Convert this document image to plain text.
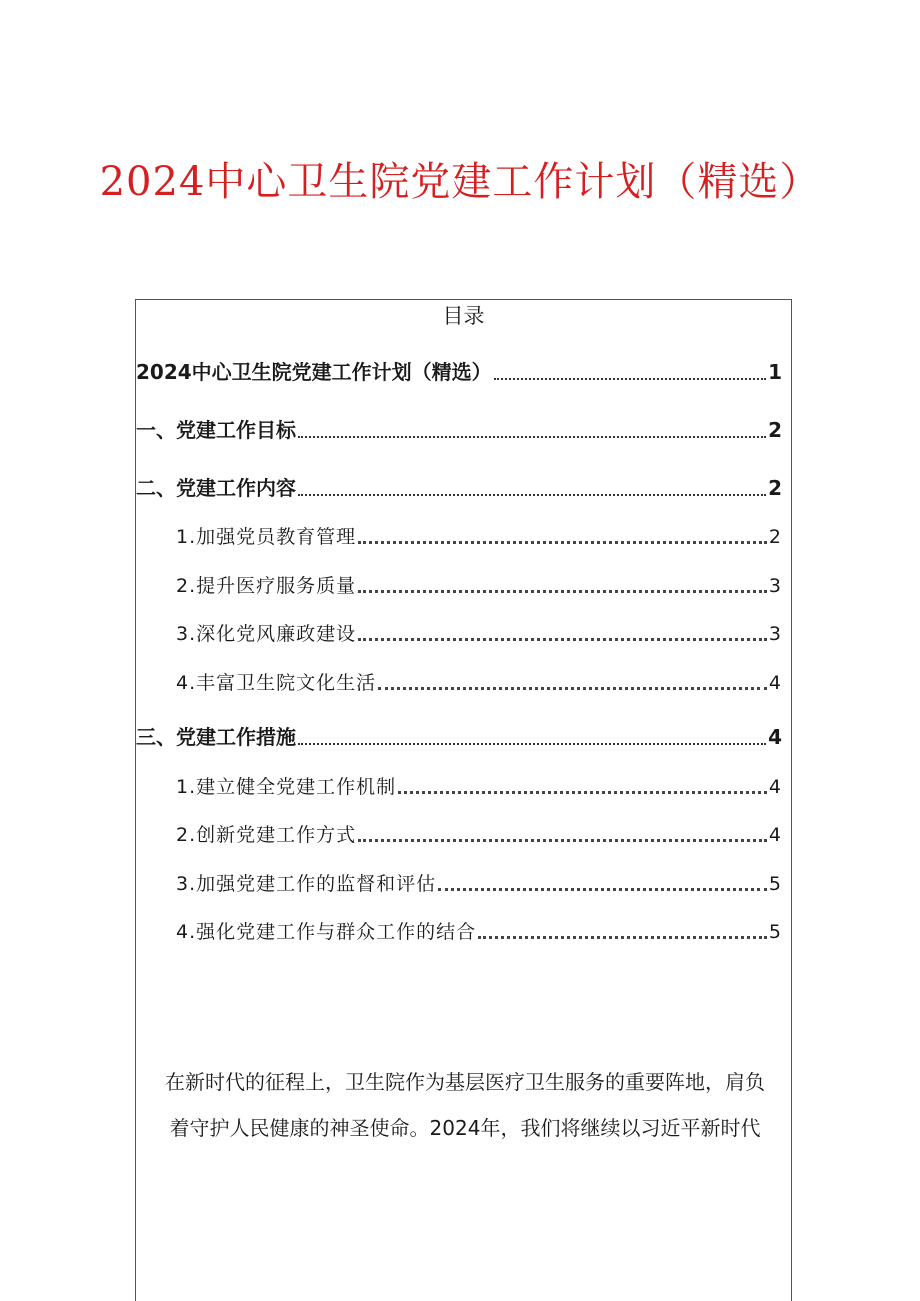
2024中心卫生院党建工作计划（精选）
目录
2024中心卫生院党建工作计划（精选）	1
一、党建工作目标	2
二、党建工作内容	2
1.加强党员教育管理	2
2.提升医疗服务质量	3
3.深化党风廉政建设	3
4.丰富卫生院文化生活	4
三、党建工作措施	4
1.建立健全党建工作机制	4
2.创新党建工作方式	4
3.加强党建工作的监督和评估	5
4.强化党建工作与群众工作的结合	5
在新时代的征程上，卫生院作为基层医疗卫生服务的重要阵地，肩负
着守护人民健康的神圣使命。2024年，我们将继续以习近平新时代
